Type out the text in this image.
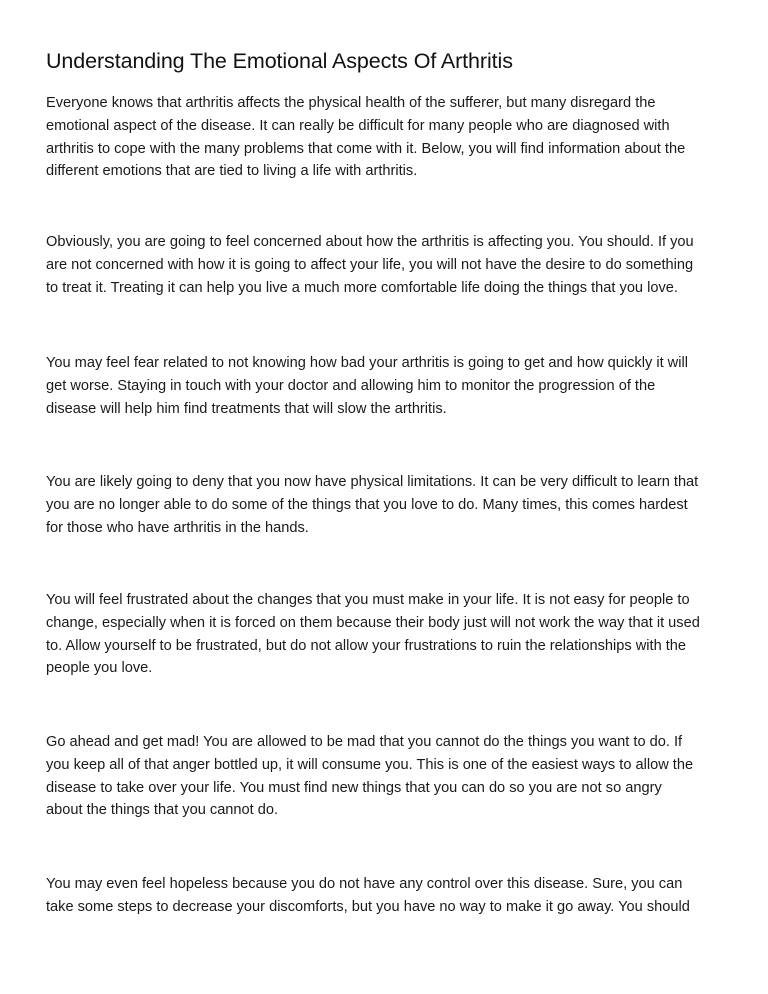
Understanding The Emotional Aspects Of Arthritis

Everyone knows that arthritis affects the physical health of the sufferer, but many disregard the
emotional aspect of the disease. It can really be difficult for many people who are diagnosed with
arthritis to cope with the many problems that come with it. Below, you will find information about the
different emotions that are tied to living a life with arthritis.

Obviously, you are going to feel concerned about how the arthritis is affecting you. You should. If you
are not concerned with how it is going to affect your life, you will not have the desire to do something
to treat it. Treating it can help you live a much more comfortable life doing the things that you love.

You may feel fear related to not knowing how bad your arthritis is going to get and how quickly it will
get worse. Staying in touch with your doctor and allowing him to monitor the progression of the
disease will help him find treatments that will slow the arthritis.

You are likely going to deny that you now have physical limitations. It can be very difficult to learn that
you are no longer able to do some of the things that you love to do. Many times, this comes hardest
for those who have arthritis in the hands.

You will feel frustrated about the changes that you must make in your life. It is not easy for people to
change, especially when it is forced on them because their body just will not work the way that it used
to. Allow yourself to be frustrated, but do not allow your frustrations to ruin the relationships with the
people you love.

Go ahead and get mad! You are allowed to be mad that you cannot do the things you want to do. If
you keep all of that anger bottled up, it will consume you. This is one of the easiest ways to allow the
disease to take over your life. You must find new things that you can do so you are not so angry
about the things that you cannot do.

You may even feel hopeless because you do not have any control over this disease. Sure, you can
take some steps to decrease your discomforts, but you have no way to make it go away. You should
